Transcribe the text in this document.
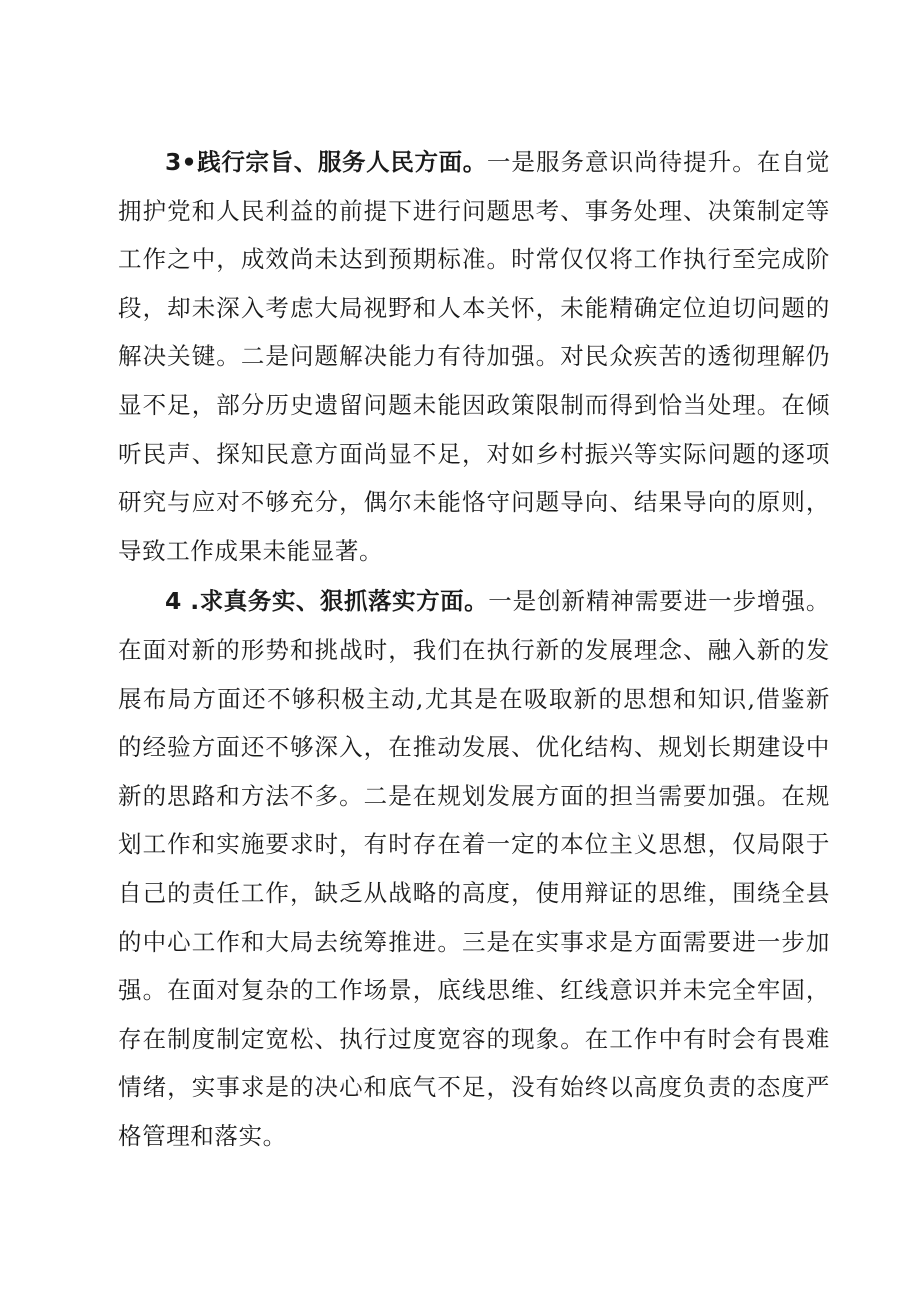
3•践行宗旨、服务人民方面。一是服务意识尚待提升。在自觉拥护党和人民利益的前提下进行问题思考、事务处理、决策制定等工作之中，成效尚未达到预期标准。时常仅仅将工作执行至完成阶段，却未深入考虑大局视野和人本关怀，未能精确定位迫切问题的解决关键。二是问题解决能力有待加强。对民众疾苦的透彻理解仍显不足，部分历史遗留问题未能因政策限制而得到恰当处理。在倾听民声、探知民意方面尚显不足，对如乡村振兴等实际问题的逐项研究与应对不够充分，偶尔未能恪守问题导向、结果导向的原则，导致工作成果未能显著。

4 .求真务实、狠抓落实方面。一是创新精神需要进一步增强。在面对新的形势和挑战时，我们在执行新的发展理念、融入新的发展布局方面还不够积极主动,尤其是在吸取新的思想和知识,借鉴新的经验方面还不够深入，在推动发展、优化结构、规划长期建设中新的思路和方法不多。二是在规划发展方面的担当需要加强。在规划工作和实施要求时，有时存在着一定的本位主义思想，仅局限于自己的责任工作，缺乏从战略的高度，使用辩证的思维，围绕全县的中心工作和大局去统筹推进。三是在实事求是方面需要进一步加强。在面对复杂的工作场景，底线思维、红线意识并未完全牢固，存在制度制定宽松、执行过度宽容的现象。在工作中有时会有畏难情绪，实事求是的决心和底气不足，没有始终以高度负责的态度严格管理和落实。
